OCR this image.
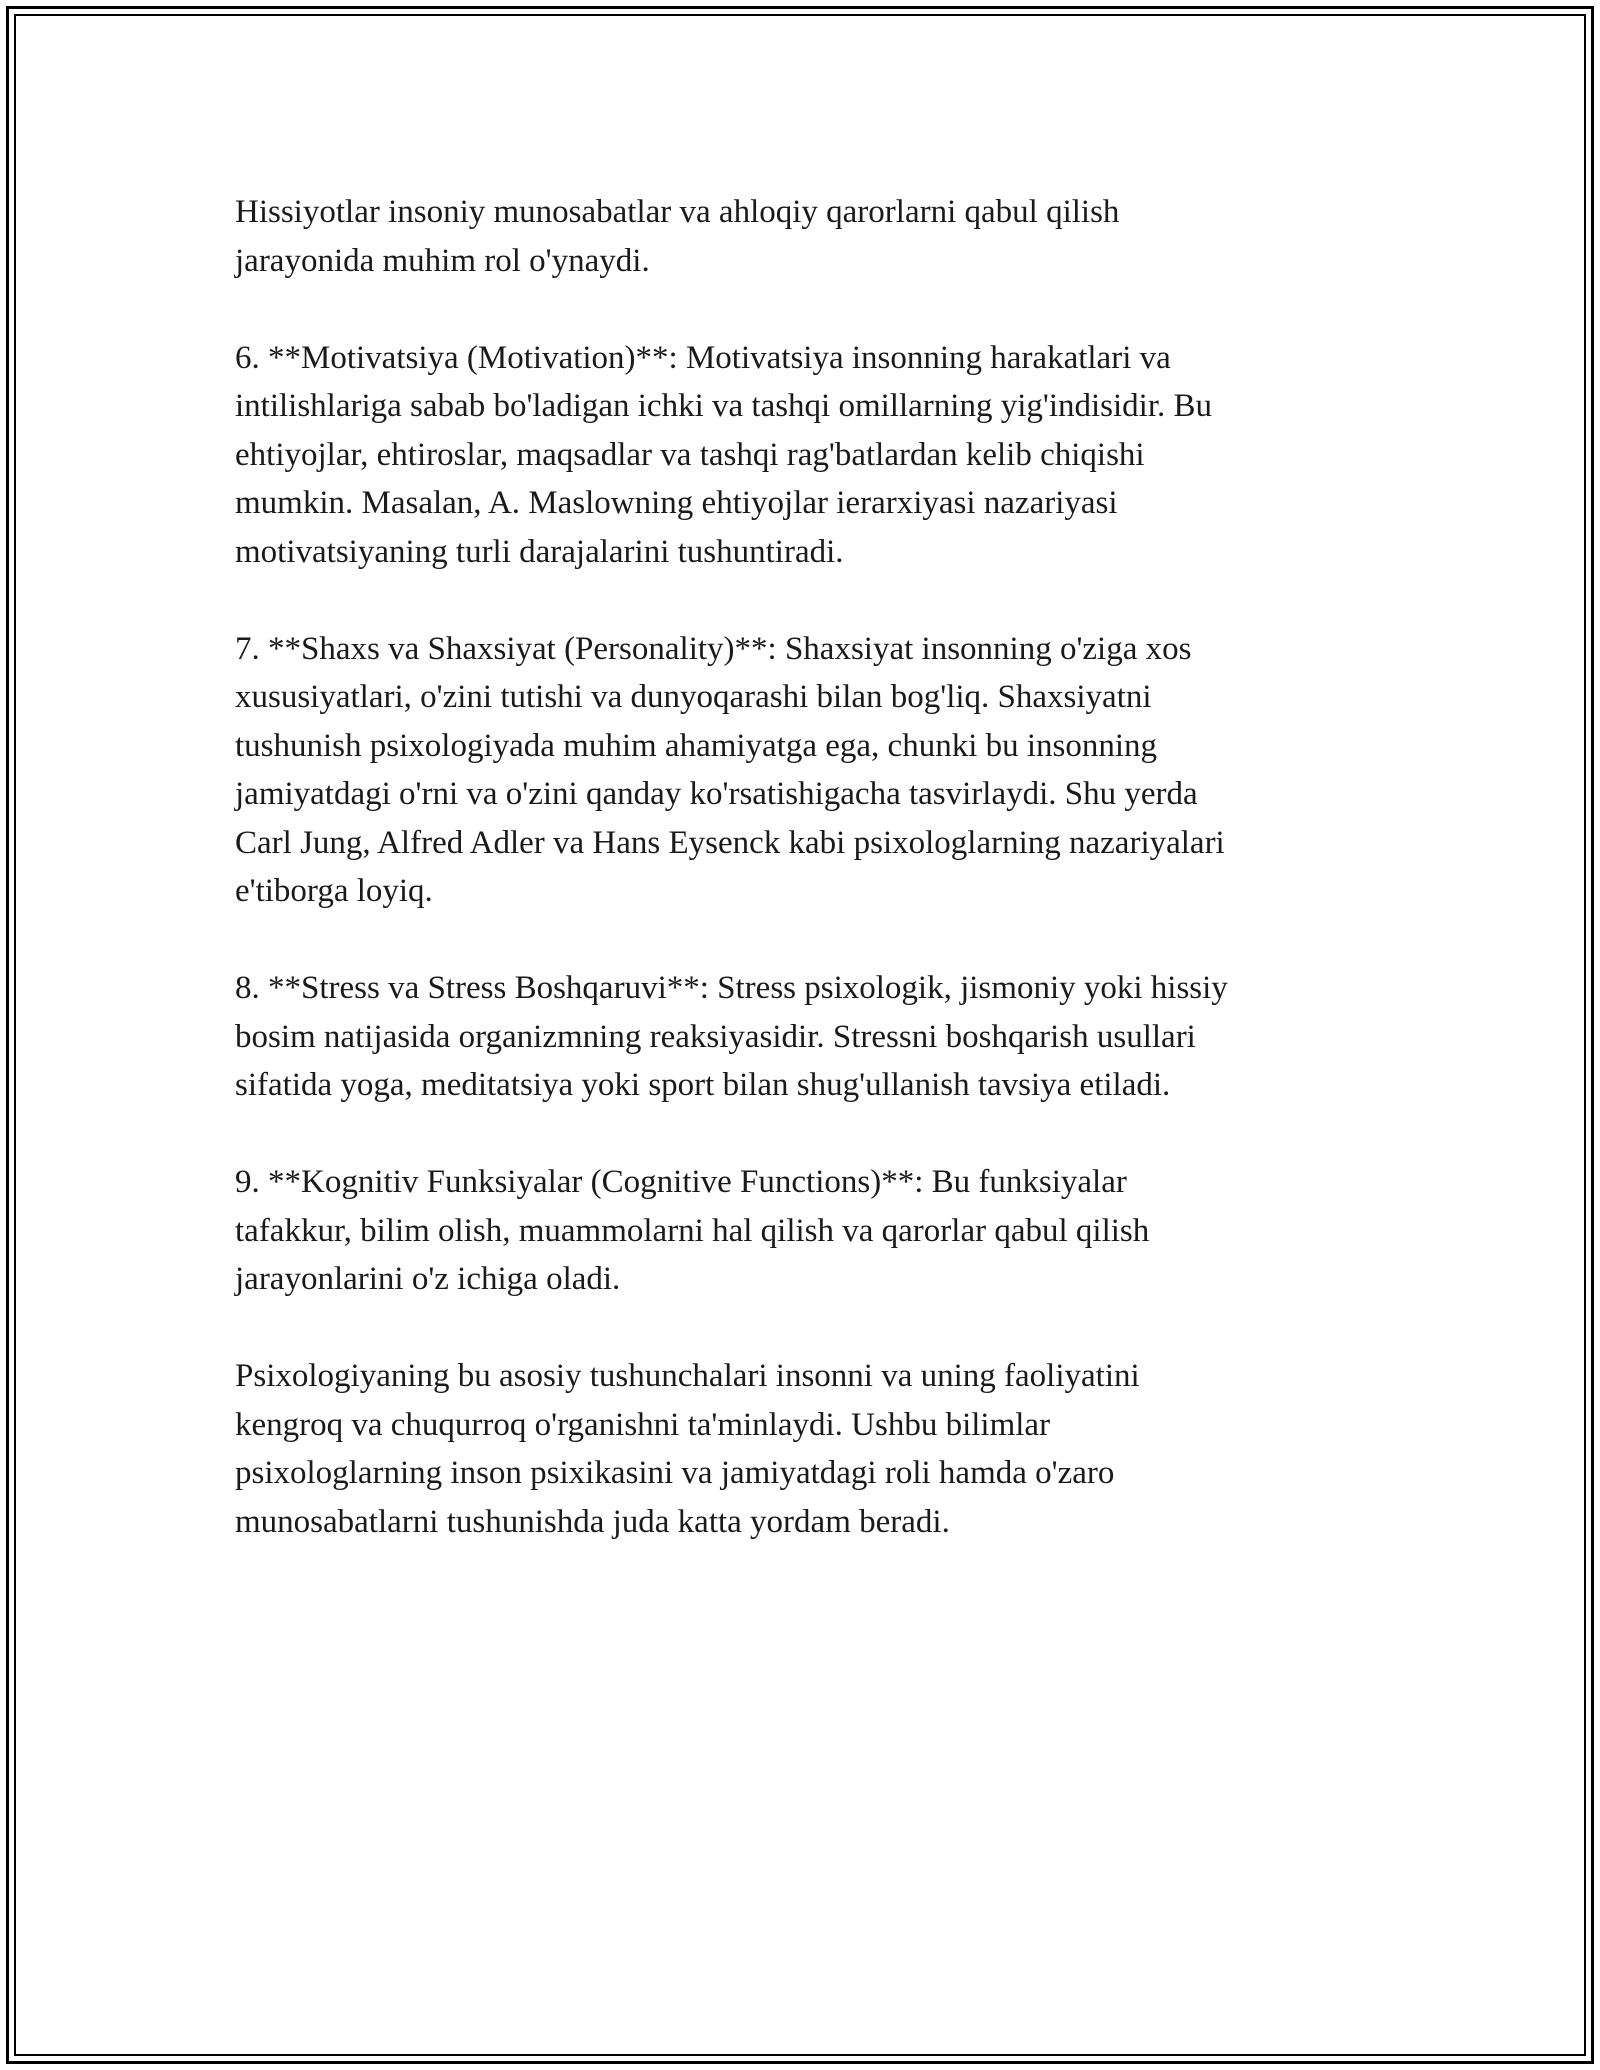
Hissiyotlar insoniy munosabatlar va ahloqiy qarorlarni qabul qilish
jarayonida muhim rol o'ynaydi.

6. **Motivatsiya (Motivation)**: Motivatsiya insonning harakatlari va
intilishlariga sabab bo'ladigan ichki va tashqi omillarning yig'indisidir. Bu
ehtiyojlar, ehtiroslar, maqsadlar va tashqi rag'batlardan kelib chiqishi
mumkin. Masalan, A. Maslowning ehtiyojlar ierarxiyasi nazariyasi
motivatsiyaning turli darajalarini tushuntiradi.

7. **Shaxs va Shaxsiyat (Personality)**: Shaxsiyat insonning o'ziga xos
xususiyatlari, o'zini tutishi va dunyoqarashi bilan bog'liq. Shaxsiyatni
tushunish psixologiyada muhim ahamiyatga ega, chunki bu insonning
jamiyatdagi o'rni va o'zini qanday ko'rsatishigacha tasvirlaydi. Shu yerda
Carl Jung, Alfred Adler va Hans Eysenck kabi psixologlarning nazariyalari
e'tiborga loyiq.

8. **Stress va Stress Boshqaruvi**: Stress psixologik, jismoniy yoki hissiy
bosim natijasida organizmning reaksiyasidir. Stressni boshqarish usullari
sifatida yoga, meditatsiya yoki sport bilan shug'ullanish tavsiya etiladi.

9. **Kognitiv Funksiyalar (Cognitive Functions)**: Bu funksiyalar
tafakkur, bilim olish, muammolarni hal qilish va qarorlar qabul qilish
jarayonlarini o'z ichiga oladi.

Psixologiyaning bu asosiy tushunchalari insonni va uning faoliyatini
kengroq va chuqurroq o'rganishni ta'minlaydi. Ushbu bilimlar
psixologlarning inson psixikasini va jamiyatdagi roli hamda o'zaro
munosabatlarni tushunishda juda katta yordam beradi.
